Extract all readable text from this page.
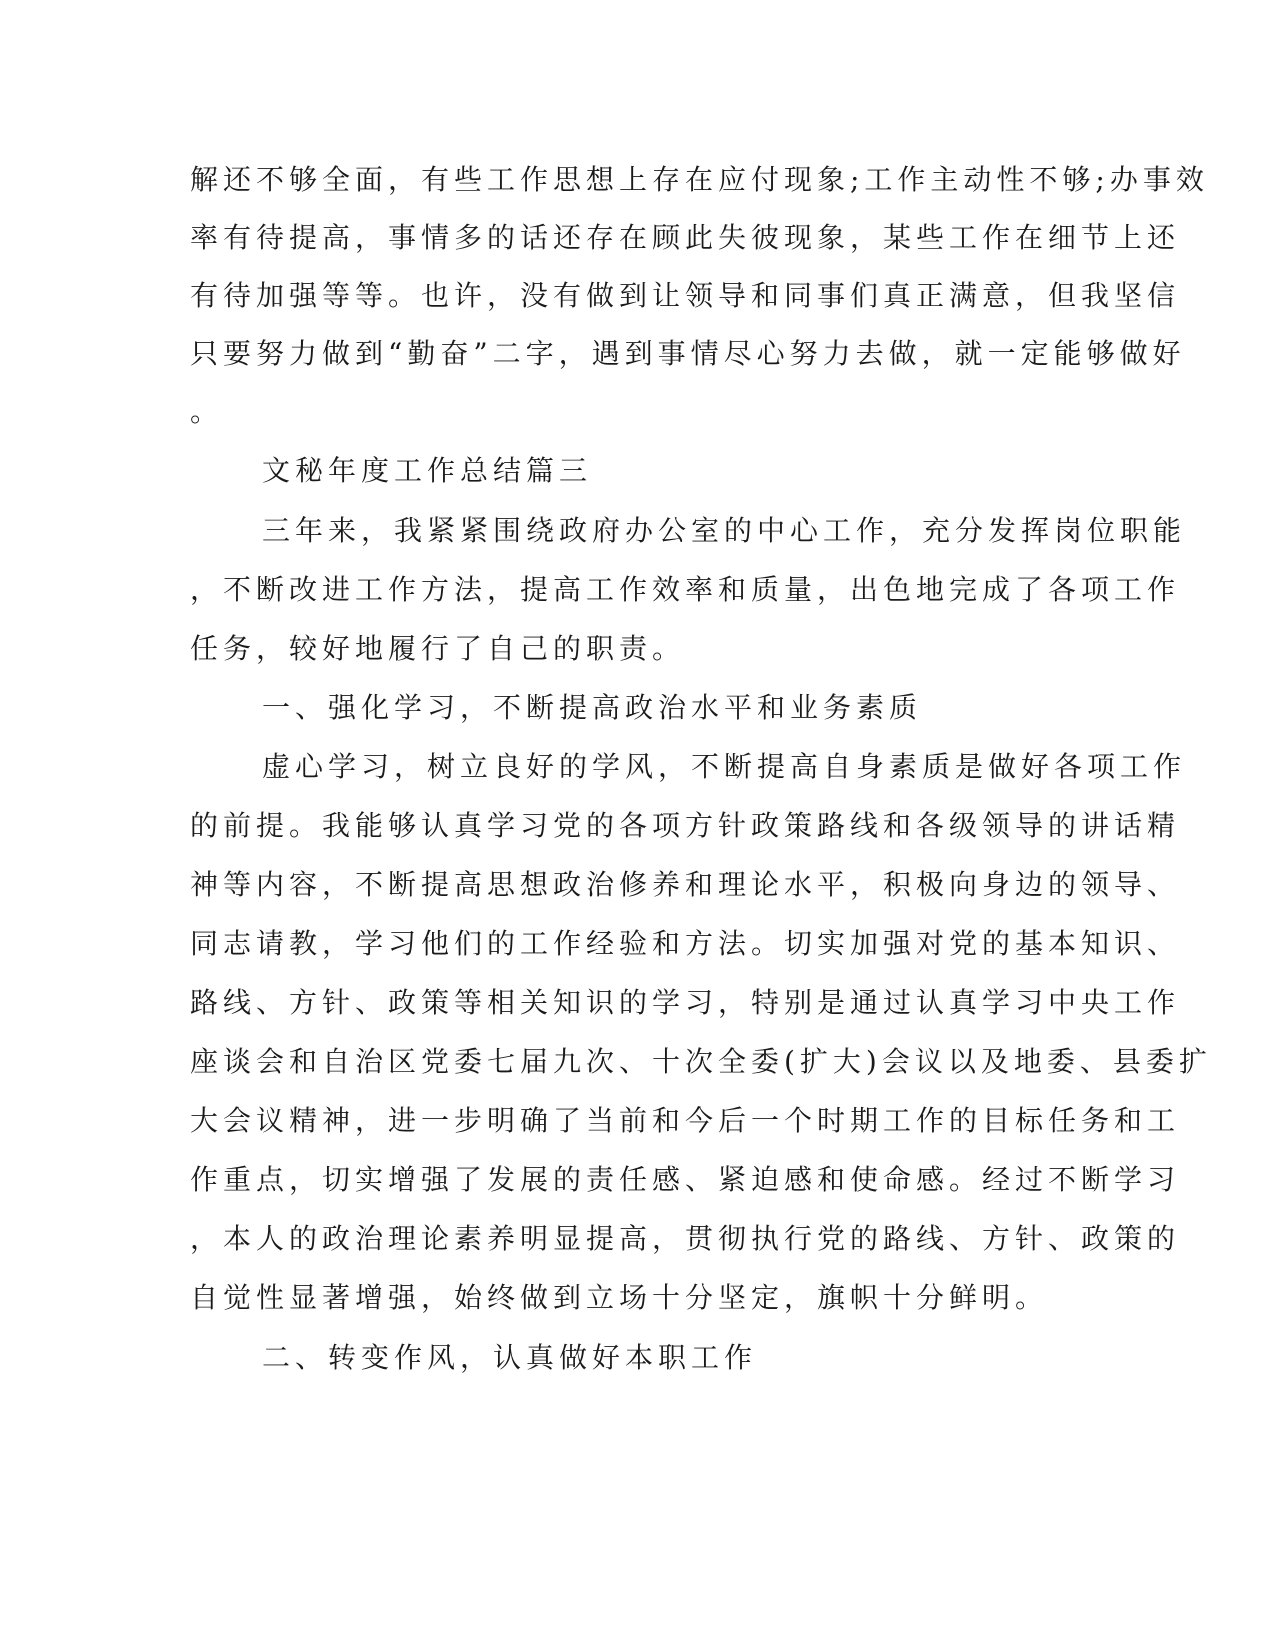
解还不够全面，有些工作思想上存在应付现象;工作主动性不够;办事效
率有待提高，事情多的话还存在顾此失彼现象，某些工作在细节上还
有待加强等等。也许，没有做到让领导和同事们真正满意，但我坚信
只要努力做到“勤奋”二字，遇到事情尽心努力去做，就一定能够做好
。
文秘年度工作总结篇三
三年来，我紧紧围绕政府办公室的中心工作，充分发挥岗位职能
，不断改进工作方法，提高工作效率和质量，出色地完成了各项工作
任务，较好地履行了自己的职责。
一、强化学习，不断提高政治水平和业务素质
虚心学习，树立良好的学风，不断提高自身素质是做好各项工作
的前提。我能够认真学习党的各项方针政策路线和各级领导的讲话精
神等内容，不断提高思想政治修养和理论水平，积极向身边的领导、
同志请教，学习他们的工作经验和方法。切实加强对党的基本知识、
路线、方针、政策等相关知识的学习，特别是通过认真学习中央工作
座谈会和自治区党委七届九次、十次全委(扩大)会议以及地委、县委扩
大会议精神，进一步明确了当前和今后一个时期工作的目标任务和工
作重点，切实增强了发展的责任感、紧迫感和使命感。经过不断学习
，本人的政治理论素养明显提高，贯彻执行党的路线、方针、政策的
自觉性显著增强，始终做到立场十分坚定，旗帜十分鲜明。
二、转变作风，认真做好本职工作
